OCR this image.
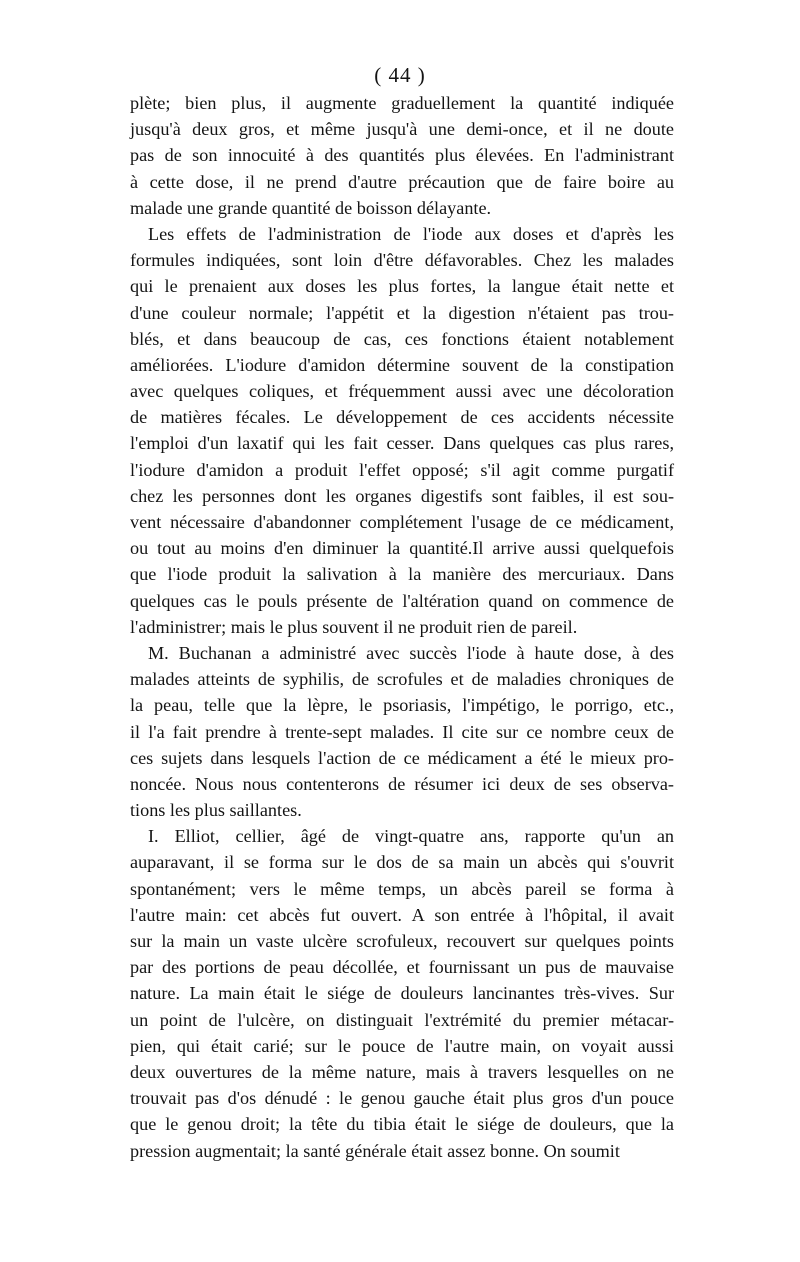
( 44 )
plète; bien plus, il augmente graduellement la quantité indiquée
jusqu'à deux gros, et même jusqu'à une demi-once, et il ne doute
pas de son innocuité à des quantités plus élevées. En l'administrant
à cette dose, il ne prend d'autre précaution que de faire boire au
malade une grande quantité de boisson délayante.
Les effets de l'administration de l'iode aux doses et d'après les
formules indiquées, sont loin d'être défavorables. Chez les malades
qui le prenaient aux doses les plus fortes, la langue était nette et
d'une couleur normale; l'appétit et la digestion n'étaient pas trou-
blés, et dans beaucoup de cas, ces fonctions étaient notablement
améliorées. L'iodure d'amidon détermine souvent de la constipation
avec quelques coliques, et fréquemment aussi avec une décoloration
de matières fécales. Le développement de ces accidents nécessite
l'emploi d'un laxatif qui les fait cesser. Dans quelques cas plus rares,
l'iodure d'amidon a produit l'effet opposé; s'il agit comme purgatif
chez les personnes dont les organes digestifs sont faibles, il est sou-
vent nécessaire d'abandonner complétement l'usage de ce médicament,
ou tout au moins d'en diminuer la quantité.Il arrive aussi quelquefois
que l'iode produit la salivation à la manière des mercuriaux. Dans
quelques cas le pouls présente de l'altération quand on commence de
l'administrer; mais le plus souvent il ne produit rien de pareil.
M. Buchanan a administré avec succès l'iode à haute dose, à des
malades atteints de syphilis, de scrofules et de maladies chroniques de
la peau, telle que la lèpre, le psoriasis, l'impétigo, le porrigo, etc.,
il l'a fait prendre à trente-sept malades. Il cite sur ce nombre ceux de
ces sujets dans lesquels l'action de ce médicament a été le mieux pro-
noncée. Nous nous contenterons de résumer ici deux de ses observa-
tions les plus saillantes.
I. Elliot, cellier, âgé de vingt-quatre ans, rapporte qu'un an
auparavant, il se forma sur le dos de sa main un abcès qui s'ouvrit
spontanément; vers le même temps, un abcès pareil se forma à
l'autre main: cet abcès fut ouvert. A son entrée à l'hôpital, il avait
sur la main un vaste ulcère scrofuleux, recouvert sur quelques points
par des portions de peau décollée, et fournissant un pus de mauvaise
nature. La main était le siége de douleurs lancinantes très-vives. Sur
un point de l'ulcère, on distinguait l'extrémité du premier métacar-
pien, qui était carié; sur le pouce de l'autre main, on voyait aussi
deux ouvertures de la même nature, mais à travers lesquelles on ne
trouvait pas d'os dénudé : le genou gauche était plus gros d'un pouce
que le genou droit; la tête du tibia était le siége de douleurs, que la
pression augmentait; la santé générale était assez bonne. On soumit
